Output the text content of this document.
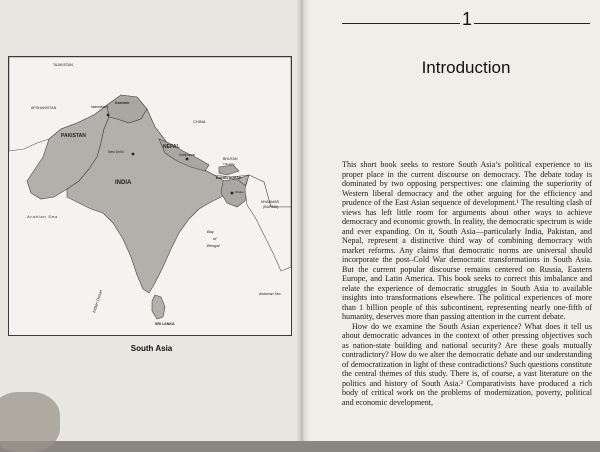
TAJIKISTAN
AFGHANISTAN	Islamabad
Kashmir
PAKISTAN
CHINA
New Delhi
NEPAL
Kathmandu
BHUTAN
Thimphu
INDIA
BANGLADESH
Dhaka
MYANMAR
(BURMA)
Arabian Sea
Bay
of
Bengal
Indian Ocean	Andaman Sea
SRI LANKA
South Asia
1
Introduction

This short book seeks to restore South Asia’s political experience to its proper place in the current discourse on democracy. The debate today is dominated by two opposing perspectives: one claiming the superiority of Western liberal democracy and the other arguing for the efficiency and prudence of the East Asian sequence of development.¹ The resulting clash of views has left little room for arguments about other ways to achieve democracy and economic growth. In reality, the democratic spectrum is wide and ever expanding. On it, South Asia—particularly India, Pakistan, and Nepal, represent a distinctive third way of combining democracy with market reforms. Any claims that democratic norms are universal should incorporate the post–Cold War democratic transformations in South Asia. But the current popular discourse remains centered on Russia, Eastern Europe, and Latin America. This book seeks to correct this imbalance and relate the experience of democratic struggles in South Asia to available insights into transformations elsewhere. The political experiences of more than 1 billion people of this subcontinent, representing nearly one-fifth of humanity, deserves more than passing attention in the current debate.

How do we examine the South Asian experience? What does it tell us about democratic advances in the context of other pressing objectives such as nation-state building and national security? Are these goals mutually contradictory? How do we alter the democratic debate and our understanding of democratization in light of these contradictions? Such questions constitute the central themes of this study. There is, of course, a vast literature on the politics and history of South Asia.² Comparativists have produced a rich body of critical work on the problems of modernization, poverty, political and economic development,
